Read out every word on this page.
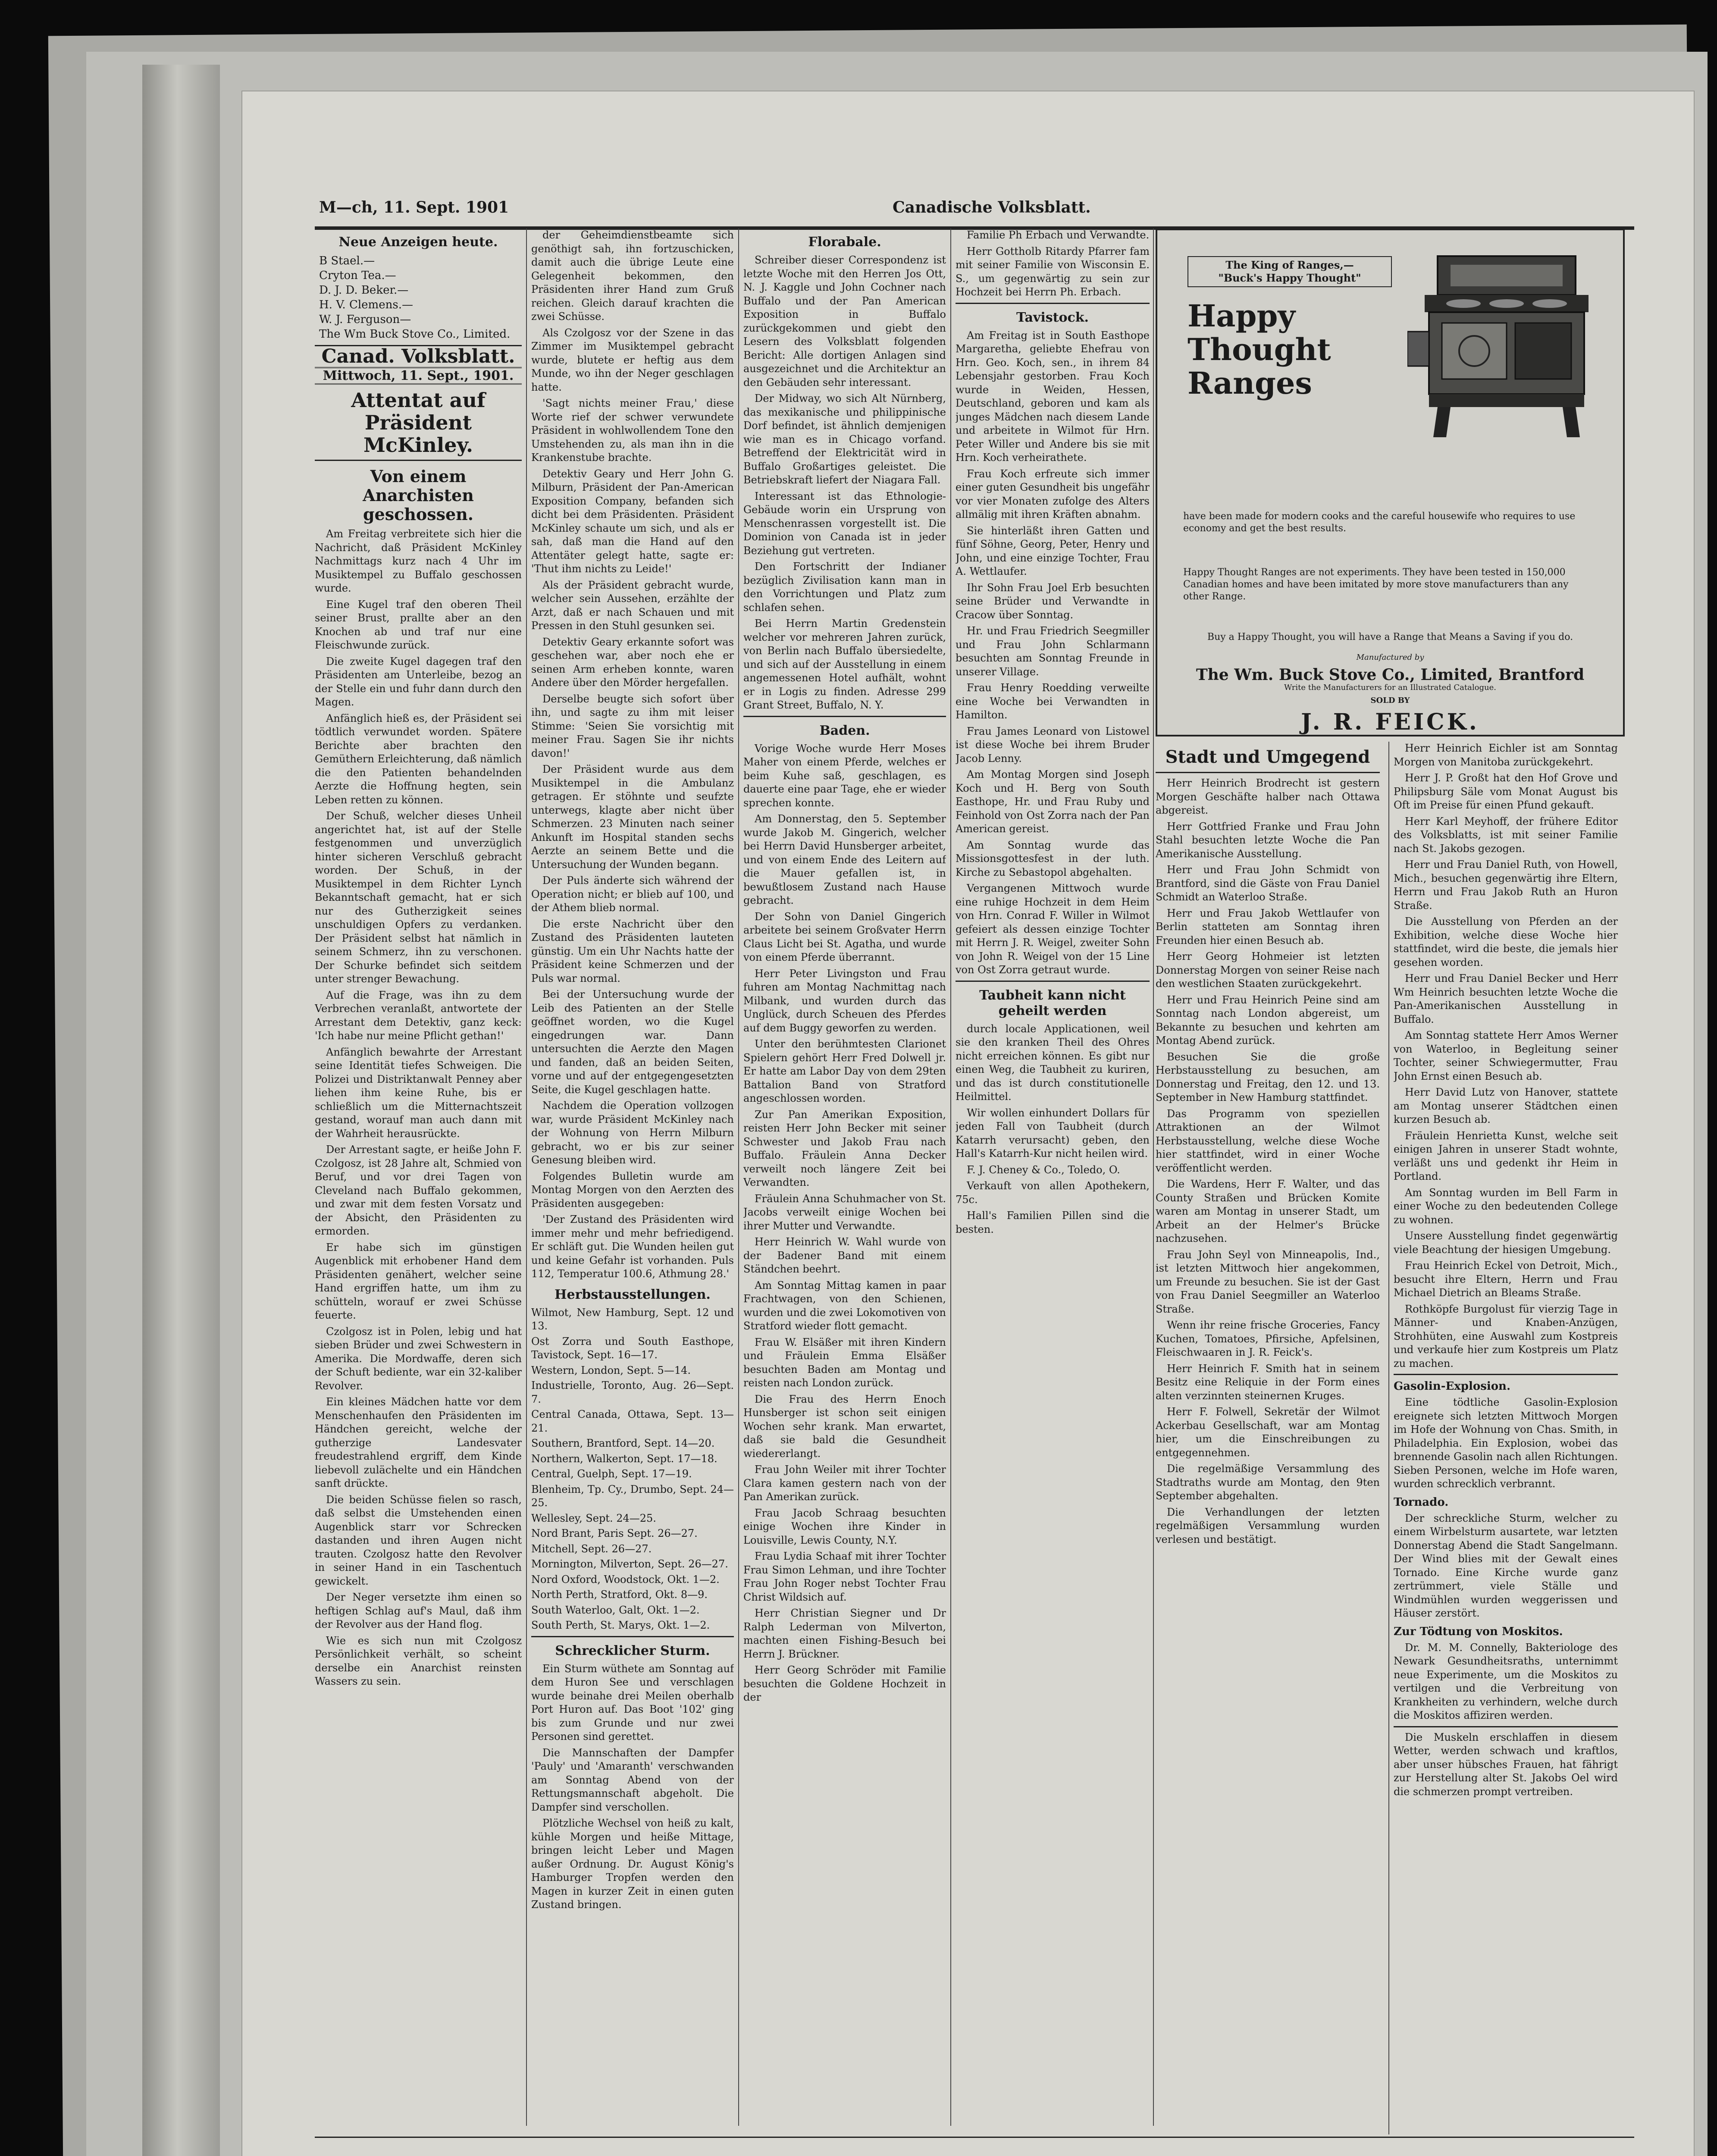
M—ch, 11. Sept. 1901	Canadische Volksblatt.
Neue Anzeigen heute.
B Stael.—
Cryton Tea.—
D. J. D. Beker.—
H. V. Clemens.—
W. J. Ferguson—
The Wm Buck Stove Co., Limited.
Canad. Volksblatt.
Mittwoch, 11. Sept., 1901.
Attentat auf Präsident McKinley.
Von einem Anarchisten geschossen.

Am Freitag verbreitete sich hier die Nachricht, daß Präsident McKinley Nachmittags kurz nach 4 Uhr im Musiktempel zu Buffalo geschossen wurde.

Eine Kugel traf den oberen Theil seiner Brust, prallte aber an den Knochen ab und traf nur eine Fleischwunde zurück.

Die zweite Kugel dagegen traf den Präsidenten am Unterleibe, bezog an der Stelle ein und fuhr dann durch den Magen.

Anfänglich hieß es, der Präsident sei tödtlich verwundet worden. Spätere Berichte aber brachten den Gemüthern Erleichterung, daß nämlich die den Patienten behandelnden Aerzte die Hoffnung hegten, sein Leben retten zu können.

Der Schuß, welcher dieses Unheil angerichtet hat, ist auf der Stelle festgenommen und unverzüglich hinter sicheren Verschluß gebracht worden. Der Schuß, in der Musiktempel in dem Richter Lynch Bekanntschaft gemacht, hat er sich nur des Gutherzigkeit seines unschuldigen Opfers zu verdanken. Der Präsident selbst hat nämlich in seinem Schmerz, ihn zu verschonen. Der Schurke befindet sich seitdem unter strenger Bewachung.

Auf die Frage, was ihn zu dem Verbrechen veranlaßt, antwortete der Arrestant dem Detektiv, ganz keck: 'Ich habe nur meine Pflicht gethan!'

Anfänglich bewahrte der Arrestant seine Identität tiefes Schweigen. Die Polizei und Distriktanwalt Penney aber liehen ihm keine Ruhe, bis er schließlich um die Mitternachtszeit gestand, worauf man auch dann mit der Wahrheit herausrückte.

Der Arrestant sagte, er heiße John F. Czolgosz, ist 28 Jahre alt, Schmied von Beruf, und vor drei Tagen von Cleveland nach Buffalo gekommen, und zwar mit dem festen Vorsatz und der Absicht, den Präsidenten zu ermorden.

Er habe sich im günstigen Augenblick mit erhobener Hand dem Präsidenten genähert, welcher seine Hand ergriffen hatte, um ihm zu schütteln, worauf er zwei Schüsse feuerte.

Czolgosz ist in Polen, lebig und hat sieben Brüder und zwei Schwestern in Amerika. Die Mordwaffe, deren sich der Schuft bediente, war ein 32-kaliber Revolver.

Ein kleines Mädchen hatte vor dem Menschenhaufen den Präsidenten im Händchen gereicht, welche der gutherzige Landesvater freudestrahlend ergriff, dem Kinde liebevoll zulächelte und ein Händchen sanft drückte.

Die beiden Schüsse fielen so rasch, daß selbst die Umstehenden einen Augenblick starr vor Schrecken dastanden und ihren Augen nicht trauten. Czolgosz hatte den Revolver in seiner Hand in ein Taschentuch gewickelt.

Der Neger versetzte ihm einen so heftigen Schlag auf's Maul, daß ihm der Revolver aus der Hand flog.

Wie es sich nun mit Czolgosz Persönlichkeit verhält, so scheint derselbe ein Anarchist reinsten Wassers zu sein.

der Geheimdienstbeamte sich genöthigt sah, ihn fortzuschicken, damit auch die übrige Leute eine Gelegenheit bekommen, den Präsidenten ihrer Hand zum Gruß reichen. Gleich darauf krachten die zwei Schüsse.

Als Czolgosz vor der Szene in das Zimmer im Musiktempel gebracht wurde, blutete er heftig aus dem Munde, wo ihn der Neger geschlagen hatte.

'Sagt nichts meiner Frau,' diese Worte rief der schwer verwundete Präsident in wohlwollendem Tone den Umstehenden zu, als man ihn in die Krankenstube brachte.

Detektiv Geary und Herr John G. Milburn, Präsident der Pan-American Exposition Company, befanden sich dicht bei dem Präsidenten. Präsident McKinley schaute um sich, und als er sah, daß man die Hand auf den Attentäter gelegt hatte, sagte er: 'Thut ihm nichts zu Leide!'

Als der Präsident gebracht wurde, welcher sein Aussehen, erzählte der Arzt, daß er nach Schauen und mit Pressen in den Stuhl gesunken sei.

Detektiv Geary erkannte sofort was geschehen war, aber noch ehe er seinen Arm erheben konnte, waren Andere über den Mörder hergefallen.

Derselbe beugte sich sofort über ihn, und sagte zu ihm mit leiser Stimme: 'Seien Sie vorsichtig mit meiner Frau. Sagen Sie ihr nichts davon!'

Der Präsident wurde aus dem Musiktempel in die Ambulanz getragen. Er stöhnte und seufzte unterwegs, klagte aber nicht über Schmerzen. 23 Minuten nach seiner Ankunft im Hospital standen sechs Aerzte an seinem Bette und die Untersuchung der Wunden begann.

Der Puls änderte sich während der Operation nicht; er blieb auf 100, und der Athem blieb normal.

Die erste Nachricht über den Zustand des Präsidenten lauteten günstig. Um ein Uhr Nachts hatte der Präsident keine Schmerzen und der Puls war normal.

Bei der Untersuchung wurde der Leib des Patienten an der Stelle geöffnet worden, wo die Kugel eingedrungen war. Dann untersuchten die Aerzte den Magen und fanden, daß an beiden Seiten, vorne und auf der entgegengesetzten Seite, die Kugel geschlagen hatte.

Nachdem die Operation vollzogen war, wurde Präsident McKinley nach der Wohnung von Herrn Milburn gebracht, wo er bis zur seiner Genesung bleiben wird.

Folgendes Bulletin wurde am Montag Morgen von den Aerzten des Präsidenten ausgegeben:

'Der Zustand des Präsidenten wird immer mehr und mehr befriedigend. Er schläft gut. Die Wunden heilen gut und keine Gefahr ist vorhanden. Puls 112, Temperatur 100.6, Athmung 28.'

Herbstausstellungen.
Wilmot, New Hamburg, Sept. 12 und 13.
Ost Zorra und South Easthope, Tavistock, Sept. 16—17.
Western, London, Sept. 5—14.
Industrielle, Toronto, Aug. 26—Sept. 7.
Central Canada, Ottawa, Sept. 13—21.
Southern, Brantford, Sept. 14—20.
Northern, Walkerton, Sept. 17—18.
Central, Guelph, Sept. 17—19.
Blenheim, Tp. Cy., Drumbo, Sept. 24—25.
Wellesley, Sept. 24—25.
Nord Brant, Paris Sept. 26—27.
Mitchell, Sept. 26—27.
Mornington, Milverton, Sept. 26—27.
Nord Oxford, Woodstock, Okt. 1—2.
North Perth, Stratford, Okt. 8—9.
South Waterloo, Galt, Okt. 1—2.
South Perth, St. Marys, Okt. 1—2.
Schrecklicher Sturm.

Ein Sturm wüthete am Sonntag auf dem Huron See und verschlagen wurde beinahe drei Meilen oberhalb Port Huron auf. Das Boot '102' ging bis zum Grunde und nur zwei Personen sind gerettet.

Die Mannschaften der Dampfer 'Pauly' und 'Amaranth' verschwanden am Sonntag Abend von der Rettungsmannschaft abgeholt. Die Dampfer sind verschollen.

Plötzliche Wechsel von heiß zu kalt, kühle Morgen und heiße Mittage, bringen leicht Leber und Magen außer Ordnung. Dr. August König's Hamburger Tropfen werden den Magen in kurzer Zeit in einen guten Zustand bringen.

Florabale.

Schreiber dieser Correspondenz ist letzte Woche mit den Herren Jos Ott, N. J. Kaggle und John Cochner nach Buffalo und der Pan American Exposition in Buffalo zurückgekommen und giebt den Lesern des Volksblatt folgenden Bericht: Alle dortigen Anlagen sind ausgezeichnet und die Architektur an den Gebäuden sehr interessant.

Der Midway, wo sich Alt Nürnberg, das mexikanische und philippinische Dorf befindet, ist ähnlich demjenigen wie man es in Chicago vorfand. Betreffend der Elektricität wird in Buffalo Großartiges geleistet. Die Betriebskraft liefert der Niagara Fall.

Interessant ist das Ethnologie-Gebäude worin ein Ursprung von Menschenrassen vorgestellt ist. Die Dominion von Canada ist in jeder Beziehung gut vertreten.

Den Fortschritt der Indianer bezüglich Zivilisation kann man in den Vorrichtungen und Platz zum schlafen sehen.

Bei Herrn Martin Gredenstein welcher vor mehreren Jahren zurück, von Berlin nach Buffalo übersiedelte, und sich auf der Ausstellung in einem angemessenen Hotel aufhält, wohnt er in Logis zu finden. Adresse 299 Grant Street, Buffalo, N. Y.

Baden.

Vorige Woche wurde Herr Moses Maher von einem Pferde, welches er beim Kuhe saß, geschlagen, es dauerte eine paar Tage, ehe er wieder sprechen konnte.

Am Donnerstag, den 5. September wurde Jakob M. Gingerich, welcher bei Herrn David Hunsberger arbeitet, und von einem Ende des Leitern auf die Mauer gefallen ist, in bewußtlosem Zustand nach Hause gebracht.

Der Sohn von Daniel Gingerich arbeitete bei seinem Großvater Herrn Claus Licht bei St. Agatha, und wurde von einem Pferde überrannt.

Herr Peter Livingston und Frau fuhren am Montag Nachmittag nach Milbank, und wurden durch das Unglück, durch Scheuen des Pferdes auf dem Buggy geworfen zu werden.

Unter den berühmtesten Clarionet Spielern gehört Herr Fred Dolwell jr. Er hatte am Labor Day von dem 29ten Battalion Band von Stratford angeschlossen worden.

Zur Pan Amerikan Exposition, reisten Herr John Becker mit seiner Schwester und Jakob Frau nach Buffalo. Fräulein Anna Decker verweilt noch längere Zeit bei Verwandten.

Fräulein Anna Schuhmacher von St. Jacobs verweilt einige Wochen bei ihrer Mutter und Verwandte.

Herr Heinrich W. Wahl wurde von der Badener Band mit einem Ständchen beehrt.

Am Sonntag Mittag kamen in paar Frachtwagen, von den Schienen, wurden und die zwei Lokomotiven von Stratford wieder flott gemacht.

Frau W. Elsäßer mit ihren Kindern und Fräulein Emma Elsäßer besuchten Baden am Montag und reisten nach London zurück.

Die Frau des Herrn Enoch Hunsberger ist schon seit einigen Wochen sehr krank. Man erwartet, daß sie bald die Gesundheit wiedererlangt.

Frau John Weiler mit ihrer Tochter Clara kamen gestern nach von der Pan Amerikan zurück.

Frau Jacob Schraag besuchten einige Wochen ihre Kinder in Louisville, Lewis County, N.Y.

Frau Lydia Schaaf mit ihrer Tochter Frau Simon Lehman, und ihre Tochter Frau John Roger nebst Tochter Frau Christ Wildsich auf.

Herr Christian Siegner und Dr Ralph Lederman von Milverton, machten einen Fishing-Besuch bei Herrn J. Brückner.

Herr Georg Schröder mit Familie besuchten die Goldene Hochzeit in der

Familie Ph Erbach und Verwandte.

Herr Gottholb Ritardy Pfarrer fam mit seiner Familie von Wisconsin E. S., um gegenwärtig zu sein zur Hochzeit bei Herrn Ph. Erbach.

Tavistock.

Am Freitag ist in South Easthope Margaretha, geliebte Ehefrau von Hrn. Geo. Koch, sen., in ihrem 84 Lebensjahr gestorben. Frau Koch wurde in Weiden, Hessen, Deutschland, geboren und kam als junges Mädchen nach diesem Lande und arbeitete in Wilmot für Hrn. Peter Willer und Andere bis sie mit Hrn. Koch verheirathete.

Frau Koch erfreute sich immer einer guten Gesundheit bis ungefähr vor vier Monaten zufolge des Alters allmälig mit ihren Kräften abnahm.

Sie hinterläßt ihren Gatten und fünf Söhne, Georg, Peter, Henry und John, und eine einzige Tochter, Frau A. Wettlaufer.

Ihr Sohn Frau Joel Erb besuchten seine Brüder und Verwandte in Cracow über Sonntag.

Hr. und Frau Friedrich Seegmiller und Frau John Schlarmann besuchten am Sonntag Freunde in unserer Village.

Frau Henry Roedding verweilte eine Woche bei Verwandten in Hamilton.

Frau James Leonard von Listowel ist diese Woche bei ihrem Bruder Jacob Lenny.

Am Montag Morgen sind Joseph Koch und H. Berg von South Easthope, Hr. und Frau Ruby und Feinhold von Ost Zorra nach der Pan American gereist.

Am Sonntag wurde das Missionsgottesfest in der luth. Kirche zu Sebastopol abgehalten.

Vergangenen Mittwoch wurde eine ruhige Hochzeit in dem Heim von Hrn. Conrad F. Willer in Wilmot gefeiert als dessen einzige Tochter mit Herrn J. R. Weigel, zweiter Sohn von John R. Weigel von der 15 Line von Ost Zorra getraut wurde.

Taubheit kann nicht geheilt werden

durch locale Applicationen, weil sie den kranken Theil des Ohres nicht erreichen können. Es gibt nur einen Weg, die Taubheit zu kuriren, und das ist durch constitutionelle Heilmittel.

Wir wollen einhundert Dollars für jeden Fall von Taubheit (durch Katarrh verursacht) geben, den Hall's Katarrh-Kur nicht heilen wird.

F. J. Cheney & Co., Toledo, O.

Verkauft von allen Apothekern, 75c.

Hall's Familien Pillen sind die besten.

The King of Ranges,—
"Buck's Happy Thought"
Happy
Thought
Ranges
have been made for modern cooks and the careful housewife who requires to use economy and get the best results.
Happy Thought Ranges are not experiments. They have been tested in 150,000 Canadian homes and have been imitated by more stove manufacturers than any other Range.
Buy a Happy Thought, you will have a Range that Means a Saving if you do.
Manufactured by
The Wm. Buck Stove Co., Limited, Brantford
Write the Manufacturers for an Illustrated Catalogue.
SOLD BY
J. R. FEICK.
Stadt und Umgegend

Herr Heinrich Brodrecht ist gestern Morgen Geschäfte halber nach Ottawa abgereist.

Herr Gottfried Franke und Frau John Stahl besuchten letzte Woche die Pan Amerikanische Ausstellung.

Herr und Frau John Schmidt von Brantford, sind die Gäste von Frau Daniel Schmidt an Waterloo Straße.

Herr und Frau Jakob Wettlaufer von Berlin statteten am Sonntag ihren Freunden hier einen Besuch ab.

Herr Georg Hohmeier ist letzten Donnerstag Morgen von seiner Reise nach den westlichen Staaten zurückgekehrt.

Herr und Frau Heinrich Peine sind am Sonntag nach London abgereist, um Bekannte zu besuchen und kehrten am Montag Abend zurück.

Besuchen Sie die große Herbstausstellung zu besuchen, am Donnerstag und Freitag, den 12. und 13. September in New Hamburg stattfindet.

Das Programm von speziellen Attraktionen an der Wilmot Herbstausstellung, welche diese Woche hier stattfindet, wird in einer Woche veröffentlicht werden.

Die Wardens, Herr F. Walter, und das County Straßen und Brücken Komite waren am Montag in unserer Stadt, um Arbeit an der Helmer's Brücke nachzusehen.

Frau John Seyl von Minneapolis, Ind., ist letzten Mittwoch hier angekommen, um Freunde zu besuchen. Sie ist der Gast von Frau Daniel Seegmiller an Waterloo Straße.

Wenn ihr reine frische Groceries, Fancy Kuchen, Tomatoes, Pfirsiche, Apfelsinen, Fleischwaaren in J. R. Feick's.

Herr Heinrich F. Smith hat in seinem Besitz eine Reliquie in der Form eines alten verzinnten steinernen Kruges.

Herr F. Folwell, Sekretär der Wilmot Ackerbau Gesellschaft, war am Montag hier, um die Einschreibungen zu entgegennehmen.

Die regelmäßige Versammlung des Stadtraths wurde am Montag, den 9ten September abgehalten.

Die Verhandlungen der letzten regelmäßigen Versammlung wurden verlesen und bestätigt.

Herr Heinrich Eichler ist am Sonntag Morgen von Manitoba zurückgekehrt.

Herr J. P. Großt hat den Hof Grove und Philipsburg Säle vom Monat August bis Oft im Preise für einen Pfund gekauft.

Herr Karl Meyhoff, der frühere Editor des Volksblatts, ist mit seiner Familie nach St. Jakobs gezogen.

Herr und Frau Daniel Ruth, von Howell, Mich., besuchen gegenwärtig ihre Eltern, Herrn und Frau Jakob Ruth an Huron Straße.

Die Ausstellung von Pferden an der Exhibition, welche diese Woche hier stattfindet, wird die beste, die jemals hier gesehen worden.

Herr und Frau Daniel Becker und Herr Wm Heinrich besuchten letzte Woche die Pan-Amerikanischen Ausstellung in Buffalo.

Am Sonntag stattete Herr Amos Werner von Waterloo, in Begleitung seiner Tochter, seiner Schwiegermutter, Frau John Ernst einen Besuch ab.

Herr David Lutz von Hanover, stattete am Montag unserer Städtchen einen kurzen Besuch ab.

Fräulein Henrietta Kunst, welche seit einigen Jahren in unserer Stadt wohnte, verläßt uns und gedenkt ihr Heim in Portland.

Am Sonntag wurden im Bell Farm in einer Woche zu den bedeutenden College zu wohnen.

Unsere Ausstellung findet gegenwärtig viele Beachtung der hiesigen Umgebung.

Frau Heinrich Eckel von Detroit, Mich., besucht ihre Eltern, Herrn und Frau Michael Dietrich an Bleams Straße.

Rothköpfe Burgolust für vierzig Tage in Männer- und Knaben-Anzügen, Strohhüten, eine Auswahl zum Kostpreis und verkaufe hier zum Kostpreis um Platz zu machen.

Gasolin-Explosion.

Eine tödtliche Gasolin-Explosion ereignete sich letzten Mittwoch Morgen im Hofe der Wohnung von Chas. Smith, in Philadelphia. Ein Explosion, wobei das brennende Gasolin nach allen Richtungen. Sieben Personen, welche im Hofe waren, wurden schrecklich verbrannt.

Tornado.

Der schreckliche Sturm, welcher zu einem Wirbelsturm ausartete, war letzten Donnerstag Abend die Stadt Sangelmann. Der Wind blies mit der Gewalt eines Tornado. Eine Kirche wurde ganz zertrümmert, viele Ställe und Windmühlen wurden weggerissen und Häuser zerstört.

Zur Tödtung von Moskitos.

Dr. M. M. Connelly, Bakteriologe des Newark Gesundheitsraths, unternimmt neue Experimente, um die Moskitos zu vertilgen und die Verbreitung von Krankheiten zu verhindern, welche durch die Moskitos affiziren werden.

Die Muskeln erschlaffen in diesem Wetter, werden schwach und kraftlos, aber unser hübsches Frauen, hat fährigt zur Herstellung alter St. Jakobs Oel wird die schmerzen prompt vertreiben.
